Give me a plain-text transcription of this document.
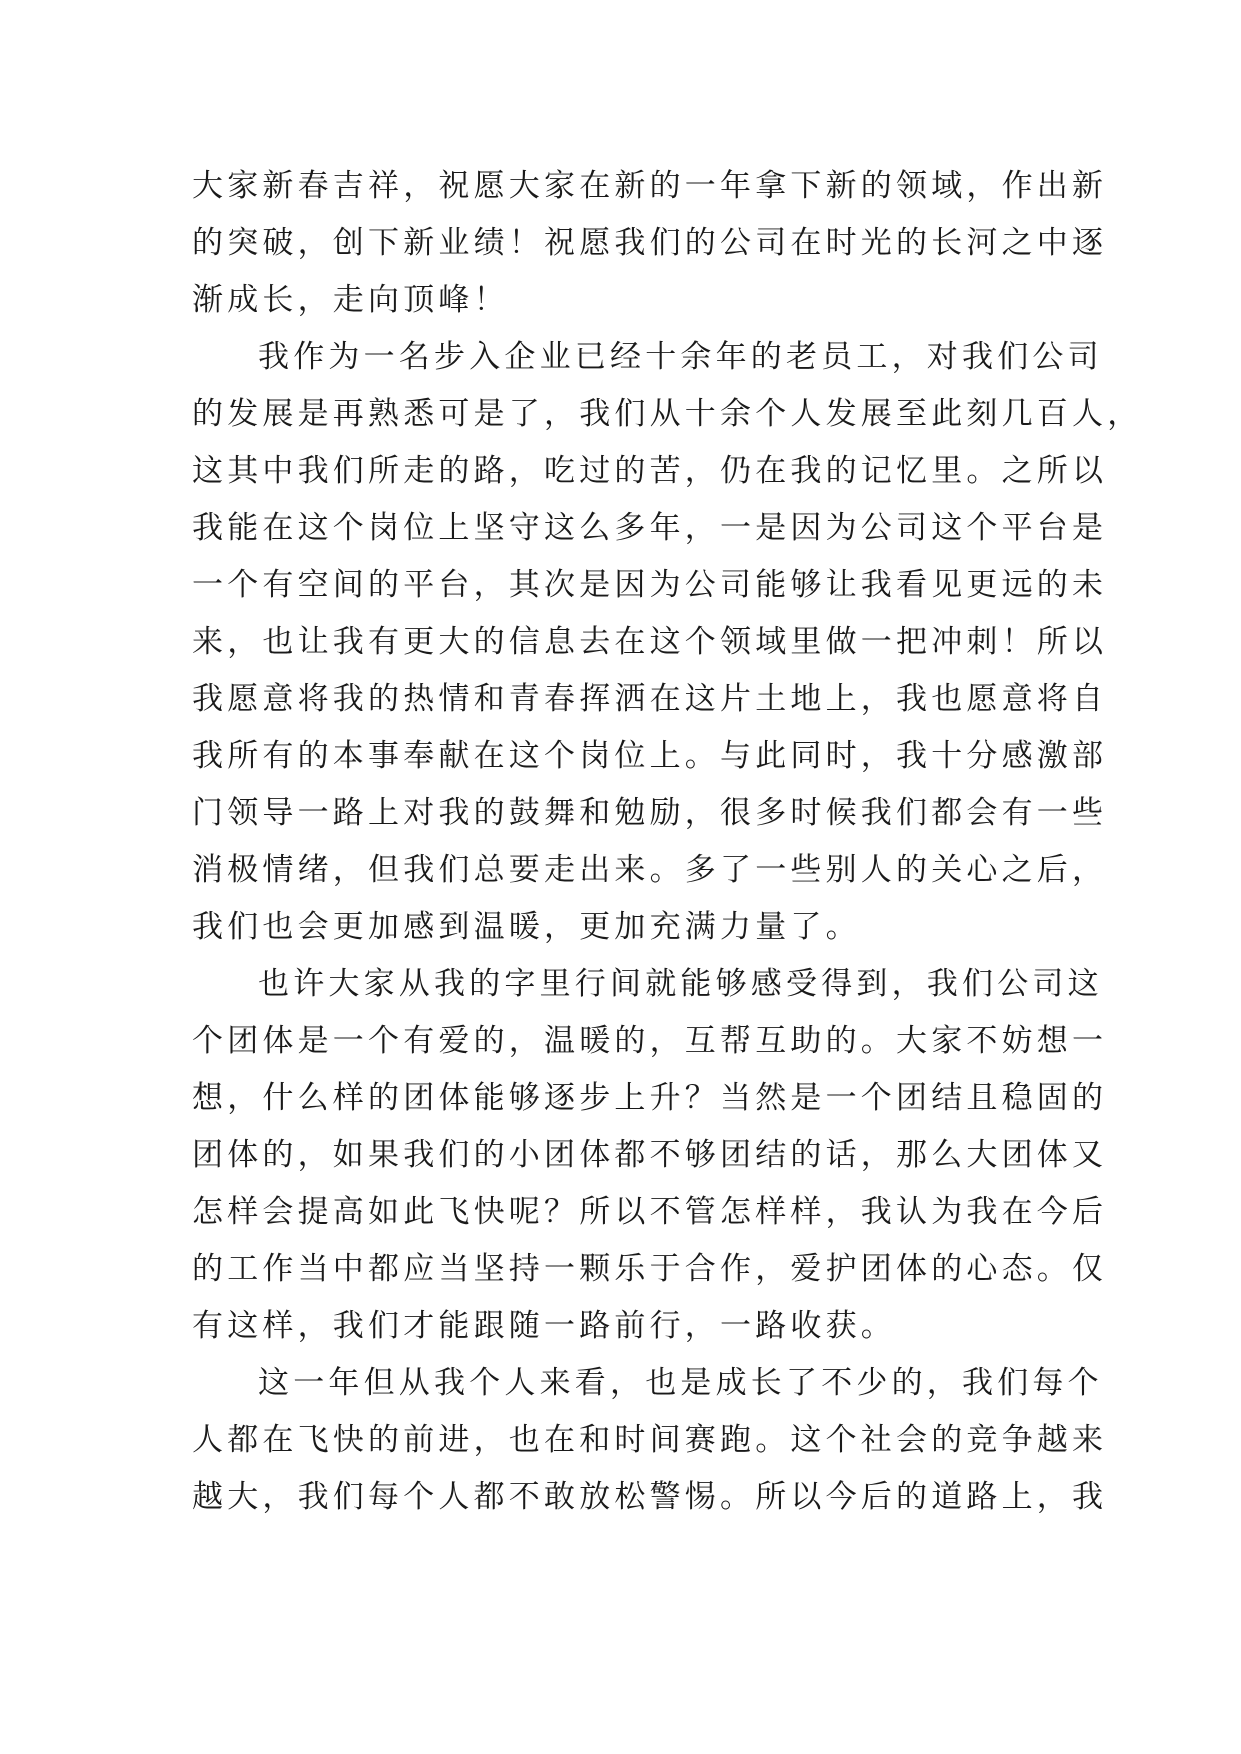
大家新春吉祥，祝愿大家在新的一年拿下新的领域，作出新
的突破，创下新业绩！祝愿我们的公司在时光的长河之中逐
渐成长，走向顶峰！
我作为一名步入企业已经十余年的老员工，对我们公司
的发展是再熟悉可是了，我们从十余个人发展至此刻几百人，
这其中我们所走的路，吃过的苦，仍在我的记忆里。之所以
我能在这个岗位上坚守这么多年，一是因为公司这个平台是
一个有空间的平台，其次是因为公司能够让我看见更远的未
来，也让我有更大的信息去在这个领域里做一把冲刺！所以
我愿意将我的热情和青春挥洒在这片土地上，我也愿意将自
我所有的本事奉献在这个岗位上。与此同时，我十分感激部
门领导一路上对我的鼓舞和勉励，很多时候我们都会有一些
消极情绪，但我们总要走出来。多了一些别人的关心之后，
我们也会更加感到温暖，更加充满力量了。
也许大家从我的字里行间就能够感受得到，我们公司这
个团体是一个有爱的，温暖的，互帮互助的。大家不妨想一
想，什么样的团体能够逐步上升？当然是一个团结且稳固的
团体的，如果我们的小团体都不够团结的话，那么大团体又
怎样会提高如此飞快呢？所以不管怎样样，我认为我在今后
的工作当中都应当坚持一颗乐于合作，爱护团体的心态。仅
有这样，我们才能跟随一路前行，一路收获。
这一年但从我个人来看，也是成长了不少的，我们每个
人都在飞快的前进，也在和时间赛跑。这个社会的竞争越来
越大，我们每个人都不敢放松警惕。所以今后的道路上，我
